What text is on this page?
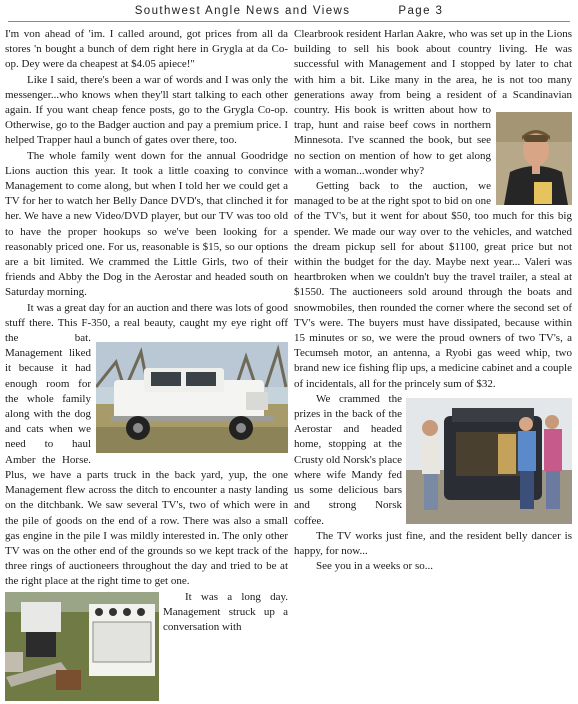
Southwest Angle News and Views	Page 3

I'm von ahead of 'im. I called around, got prices from all da stores 'n bought a bunch of dem right here in Grygla at da Co-op. Dey were da cheapest at $4.05 apiece!"

Like I said, there's been a war of words and I was only the messenger...who knows when they'll start talking to each other again. If you want cheap fence posts, go to the Grygla Co-op. Otherwise, go to the Badger auction and pay a premium price. I helped Trapper haul a bunch of gates over there, too.

The whole family went down for the annual Goodridge Lions auction this year. It took a little coaxing to convince Management to come along, but when I told her we could get a TV for her to watch her Belly Dance DVD's, that clinched it for her. We have a new Video/DVD player, but our TV was too old to have the proper hookups so we've been looking for a reasonably priced one. For us, reasonable is $15, so our options are a bit limited. We crammed the Little Girls, two of their friends and Abby the Dog in the Aerostar and headed south on Saturday morning.

It was a great day for an auction and there was lots of good stuff there. This F-350, a real beauty, caught my eye right off the bat. Management liked it because it had enough room for the whole family along with the dog and cats when we need to haul Amber the Horse. Plus, we have a parts truck in the back yard, yup, the one Management flew across the ditch to encounter a nasty landing on the ditchbank. We saw several TV's, two of which were in the pile of goods on the end of a row. There was also a small gas engine in the pile I was mildly interested in. The only other TV was on the other end of the grounds so we kept track of the three rings of auctioneers throughout the day and tried to be at the right place at the right time to get one.

It was a long day. Management struck up a conversation with

Clearbrook resident Harlan Aakre, who was set up in the Lions building to sell his book about country living. He was successful with Management and I stopped by later to chat with him a bit. Like many in the area, he is not too many generations away from being a resident of a Scandinavian country. His book is written about how to trap, hunt and raise beef cows in northern Minnesota. I've scanned the book, but see no section on mention of how to get along with a woman...wonder why?

Getting back to the auction, we managed to be at the right spot to bid on one of the TV's, but it went for about $50, too much for this big spender. We made our way over to the vehicles, and watched the dream pickup sell for about $1100, great price but not within the budget for the day. Maybe next year... Valeri was heartbroken when we couldn't buy the travel trailer, a steal at $1550. The auctioneers sold around through the boats and snowmobiles, then rounded the corner where the second set of TV's were. The buyers must have dissipated, because within 15 minutes or so, we were the proud owners of two TV's, a Tecumseh motor, an antenna, a Ryobi gas weed whip, two brand new ice fishing flip ups, a medicine cabinet and a couple of incidentals, all for the princely sum of $32.

We crammed the prizes in the back of the Aerostar and headed home, stopping at the Crusty old Norsk's place where wife Mandy fed us some delicious bars and strong Norsk coffee.

The TV works just fine, and the resident belly dancer is happy, for now...

See you in a weeks or so...
